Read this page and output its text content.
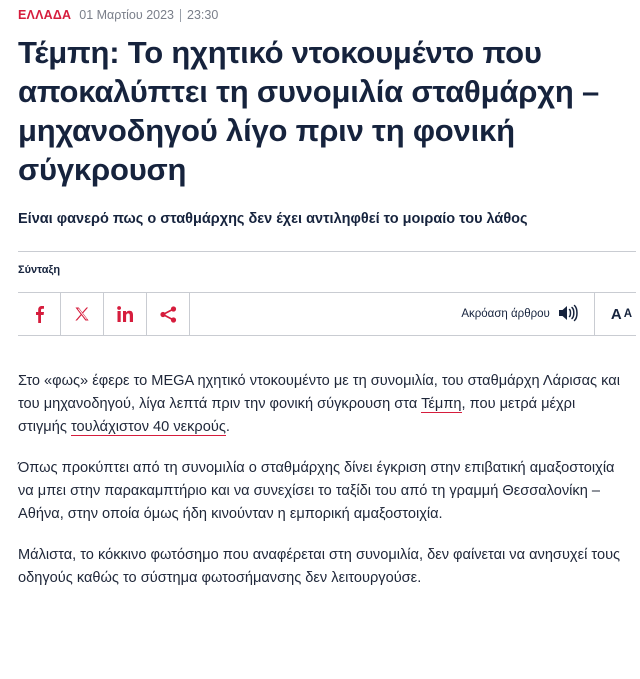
ΕΛΛΑΔΑ 01 Μαρτίου 2023 23:30
Τέμπη: Το ηχητικό ντοκουμέντο που αποκαλύπτει τη συνομιλία σταθμάρχη – μηχανοδηγού λίγο πριν τη φονική σύγκρουση
Είναι φανερό πως ο σταθμάρχης δεν έχει αντιληφθεί το μοιραίο του λάθος
Σύνταξη
Ακρόαση άρθρου	A A

Στο «φως» έφερε το MEGA ηχητικό ντοκουμέντο με τη συνομιλία, του σταθμάρχη Λάρισας και του μηχανοδηγού, λίγα λεπτά πριν την φονική σύγκρουση στα Τέμπη, που μετρά μέχρι στιγμής τουλάχιστον 40 νεκρούς.

Όπως προκύπτει από τη συνομιλία ο σταθμάρχης δίνει έγκριση στην επιβατική αμαξοστοιχία να μπει στην παρακαμπτήριο και να συνεχίσει το ταξίδι του από τη γραμμή Θεσσαλονίκη – Αθήνα, στην οποία όμως ήδη κινούνταν η εμπορική αμαξοστοιχία.

Μάλιστα, το κόκκινο φωτόσημο που αναφέρεται στη συνομιλία, δεν φαίνεται να ανησυχεί τους οδηγούς καθώς το σύστημα φωτοσήμανσης δεν λειτουργούσε.
